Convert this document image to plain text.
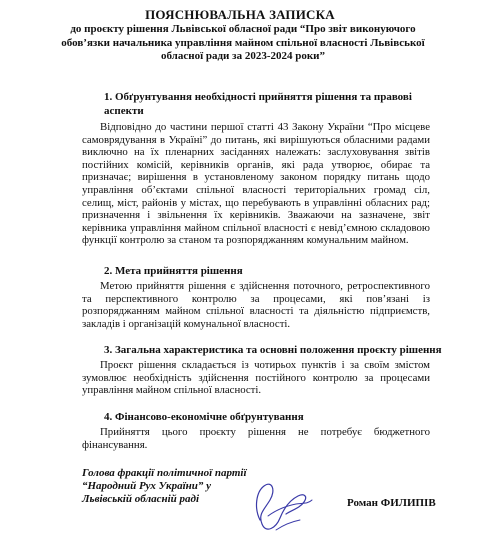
ПОЯСНЮВАЛЬНА ЗАПИСКА
до проєкту рішення Львівської обласної ради “Про звіт виконуючого обов’язки начальника управління майном спільної власності Львівської обласної ради за 2023-2024 роки”
1. Обґрунтування необхідності прийняття рішення та правові аспекти
Відповідно до частини першої статті 43 Закону України “Про місцеве самоврядування в Україні” до питань, які вирішуються обласними радами виключно на їх пленарних засіданнях належать: заслуховування звітів постійних комісій, керівників органів, які рада утворює, обирає та призначає; вирішення в установленому законом порядку питань щодо управління об’єктами спільної власності територіальних громад сіл, селищ, міст, районів у містах, що перебувають в управлінні обласних рад; призначення і звільнення їх керівників. Зважаючи на зазначене, звіт керівника управління майном спільної власності є невід’ємною складовою функції контролю за станом та розпоряджанням комунальним майном.
2. Мета прийняття рішення
Метою прийняття рішення є здійснення поточного, ретроспективного та перспективного контролю за процесами, які пов’язані із розпоряджанням майном спільної власності та діяльністю підприємств, закладів і організацій комунальної власності.
3. Загальна характеристика та основні положення проєкту рішення
Проєкт рішення складається із чотирьох пунктів і за своїм змістом зумовлює необхідність здійснення постійного контролю за процесами управління майном спільної власності.
4. Фінансово-економічне обґрунтування
Прийняття цього проєкту рішення не потребує бюджетного фінансування.
Голова фракції політичної партії
“Народний Рух України” у
Львівській обласній раді	Роман ФИЛИПІВ
